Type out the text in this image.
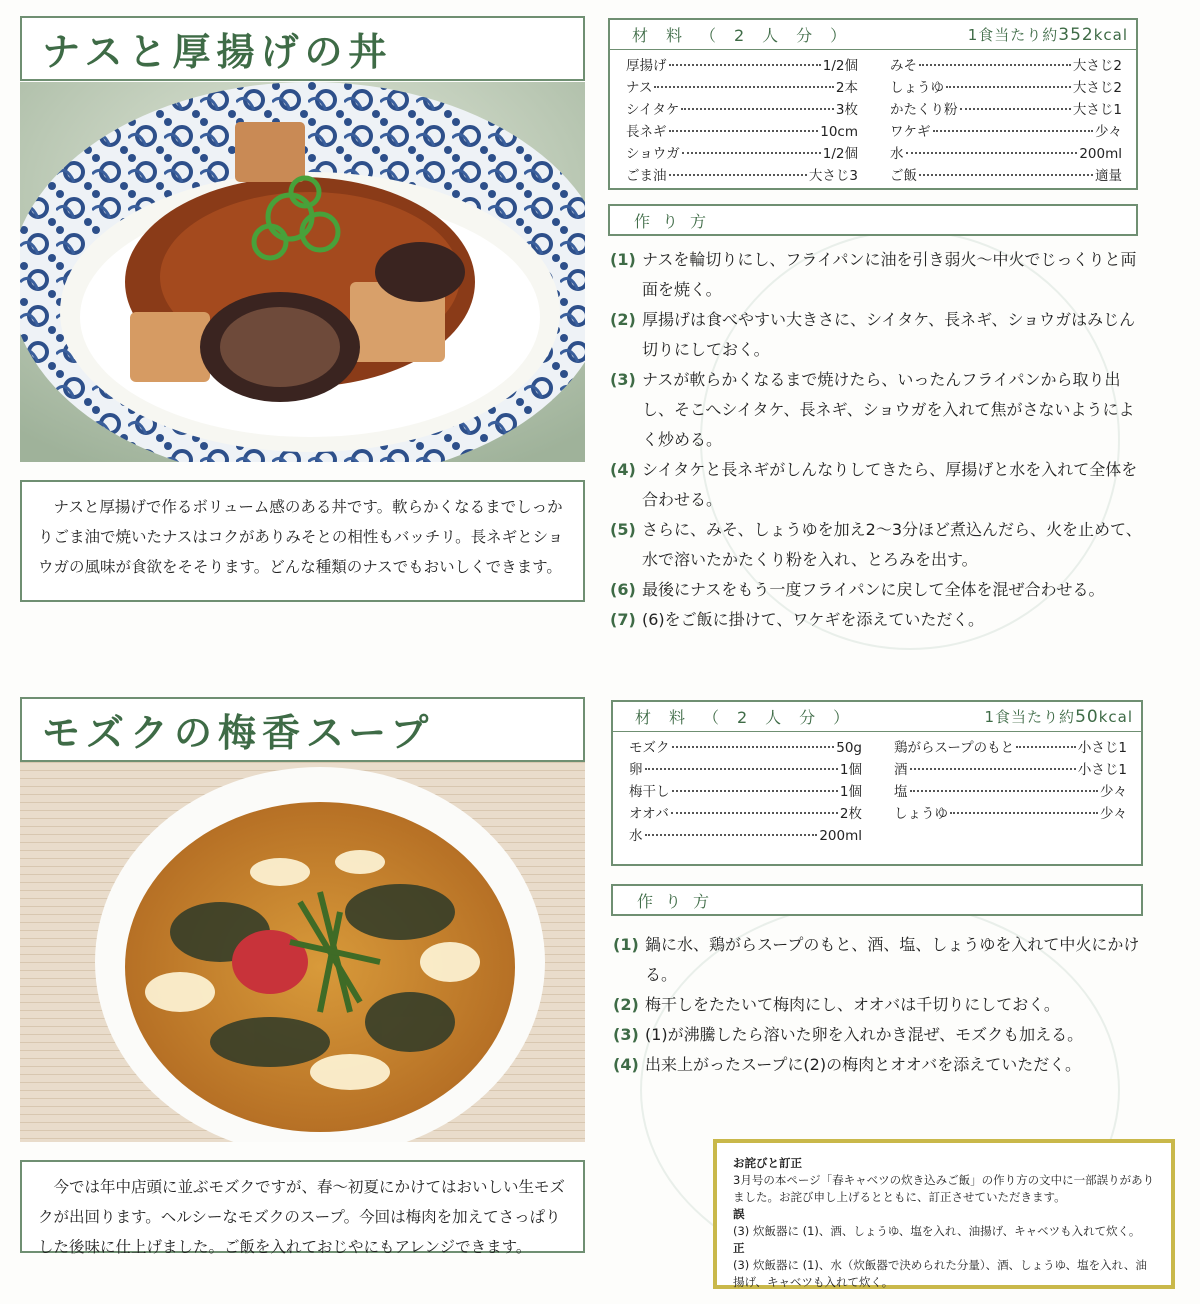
ナスと厚揚げの丼

ナスと厚揚げで作るボリューム感のある丼です。軟らかくなるまでしっかりごま油で焼いたナスはコクがありみそとの相性もバッチリ。長ネギとショウガの風味が食欲をそそります。どんな種類のナスでもおいしくできます。

材料（2人分）	1食当たり約352kcal
厚揚げ	1/2個
ナス	2本
シイタケ	3枚
長ネギ	10cm
ショウガ	1/2個
ごま油	大さじ3
みそ	大さじ2
しょうゆ	大さじ2
かたくり粉	大さじ1
ワケギ	少々
水	200ml
ご飯	適量
作り方
(1) ナスを輪切りにし、フライパンに油を引き弱火～中火でじっくりと両面を焼く。
(2) 厚揚げは食べやすい大きさに、シイタケ、長ネギ、ショウガはみじん切りにしておく。
(3) ナスが軟らかくなるまで焼けたら、いったんフライパンから取り出し、そこへシイタケ、長ネギ、ショウガを入れて焦がさないようによく炒める。
(4) シイタケと長ネギがしんなりしてきたら、厚揚げと水を入れて全体を合わせる。
(5) さらに、みそ、しょうゆを加え2～3分ほど煮込んだら、火を止めて、水で溶いたかたくり粉を入れ、とろみを出す。
(6) 最後にナスをもう一度フライパンに戻して全体を混ぜ合わせる。
(7) (6)をご飯に掛けて、ワケギを添えていただく。
モズクの梅香スープ

今では年中店頭に並ぶモズクですが、春～初夏にかけてはおいしい生モズクが出回ります。ヘルシーなモズクのスープ。今回は梅肉を加えてさっぱりした後味に仕上げました。ご飯を入れておじやにもアレンジできます。

材料（2人分）	1食当たり約50kcal
モズク	50g
卵	1個
梅干し	1個
オオバ	2枚
水	200ml
鶏がらスープのもと	小さじ1
酒	小さじ1
塩	少々
しょうゆ	少々
作り方
(1) 鍋に水、鶏がらスープのもと、酒、塩、しょうゆを入れて中火にかける。
(2) 梅干しをたたいて梅肉にし、オオバは千切りにしておく。
(3) (1)が沸騰したら溶いた卵を入れかき混ぜ、モズクも加える。
(4) 出来上がったスープに(2)の梅肉とオオバを添えていただく。
お詫びと訂正
3月号の本ページ「春キャベツの炊き込みご飯」の作り方の文中に一部誤りがありました。お詫び申し上げるとともに、訂正させていただきます。
誤
(3) 炊飯器に (1)、酒、しょうゆ、塩を入れ、油揚げ、キャベツも入れて炊く。
正
(3) 炊飯器に (1)、水（炊飯器で決められた分量）、酒、しょうゆ、塩を入れ、油揚げ、キャベツも入れて炊く。
